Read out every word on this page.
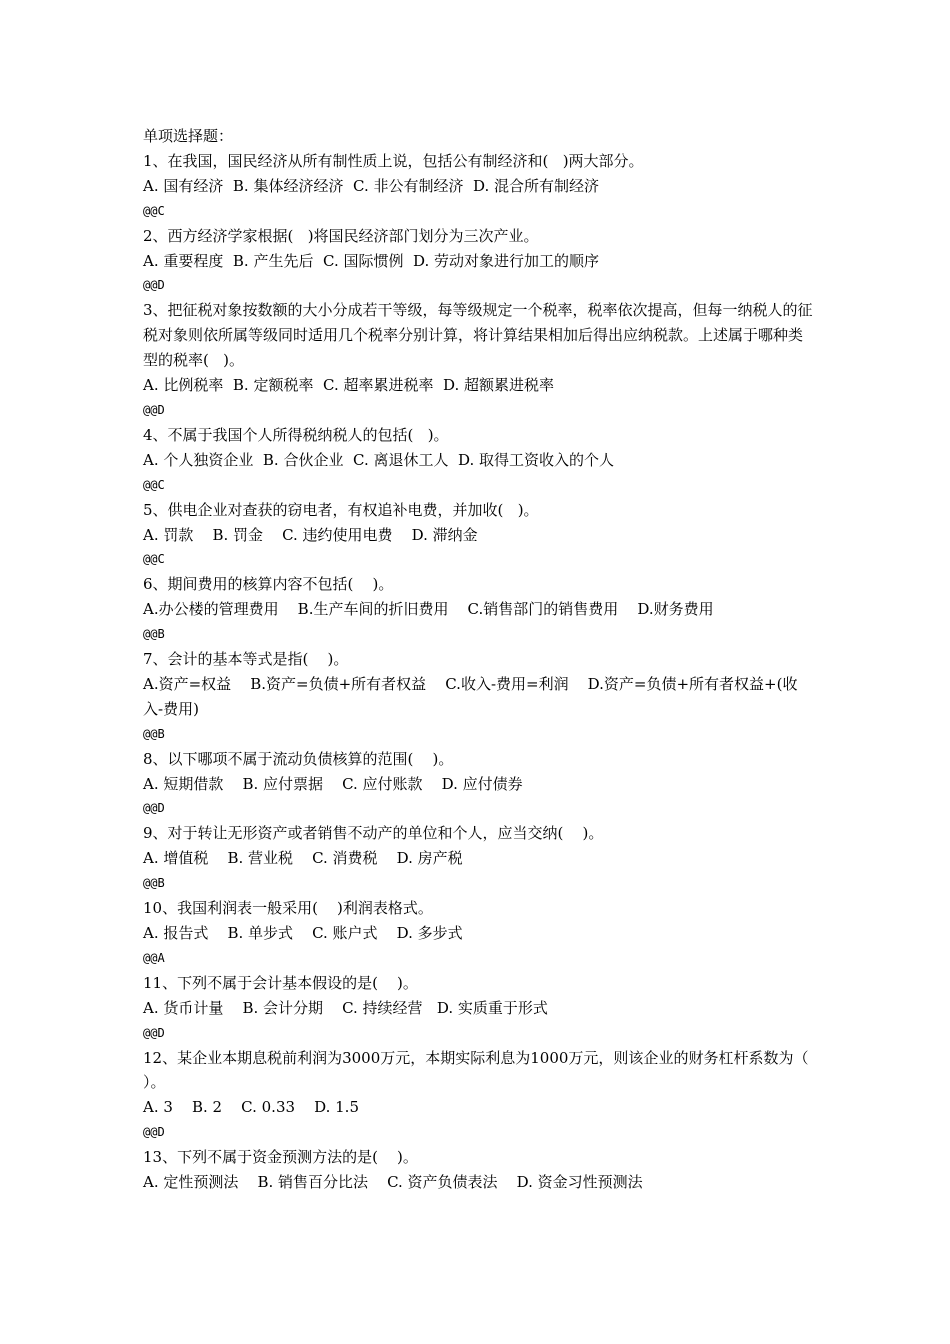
单项选择题：
1、在我国，国民经济从所有制性质上说，包括公有制经济和(   )两大部分。
A. 国有经济  B. 集体经济经济  C. 非公有制经济  D. 混合所有制经济
@@C
2、西方经济学家根据(   )将国民经济部门划分为三次产业。
A. 重要程度  B. 产生先后  C. 国际惯例  D. 劳动对象进行加工的顺序
@@D
3、把征税对象按数额的大小分成若干等级，每等级规定一个税率，税率依次提高，但每一纳税人的征税对象则依所属等级同时适用几个税率分别计算，将计算结果相加后得出应纳税款。上述属于哪种类型的税率(   )。
A. 比例税率  B. 定额税率  C. 超率累进税率  D. 超额累进税率
@@D
4、不属于我国个人所得税纳税人的包括(   )。
A. 个人独资企业  B. 合伙企业  C. 离退休工人  D. 取得工资收入的个人
@@C
5、供电企业对查获的窃电者，有权追补电费，并加收(   )。
A. 罚款    B. 罚金    C. 违约使用电费    D. 滞纳金
@@C
6、期间费用的核算内容不包括(    )。
A.办公楼的管理费用    B.生产车间的折旧费用    C.销售部门的销售费用    D.财务费用
@@B
7、会计的基本等式是指(    )。
A.资产=权益    B.资产=负债+所有者权益    C.收入-费用=利润    D.资产=负债+所有者权益+(收入-费用)
@@B
8、以下哪项不属于流动负债核算的范围(    )。
A. 短期借款    B. 应付票据    C. 应付账款    D. 应付债券
@@D
9、对于转让无形资产或者销售不动产的单位和个人，应当交纳(    )。
A. 增值税    B. 营业税    C. 消费税    D. 房产税
@@B
10、我国利润表一般采用(    )利润表格式。
A. 报告式    B. 单步式    C. 账户式    D. 多步式
@@A
11、下列不属于会计基本假设的是(    )。
A. 货币计量    B. 会计分期    C. 持续经营   D. 实质重于形式
@@D
12、某企业本期息税前利润为3000万元，本期实际利息为1000万元，则该企业的财务杠杆系数为（    ）。
A. 3    B. 2    C. 0.33    D. 1.5
@@D
13、下列不属于资金预测方法的是(    )。
A. 定性预测法    B. 销售百分比法    C. 资产负债表法    D. 资金习性预测法
